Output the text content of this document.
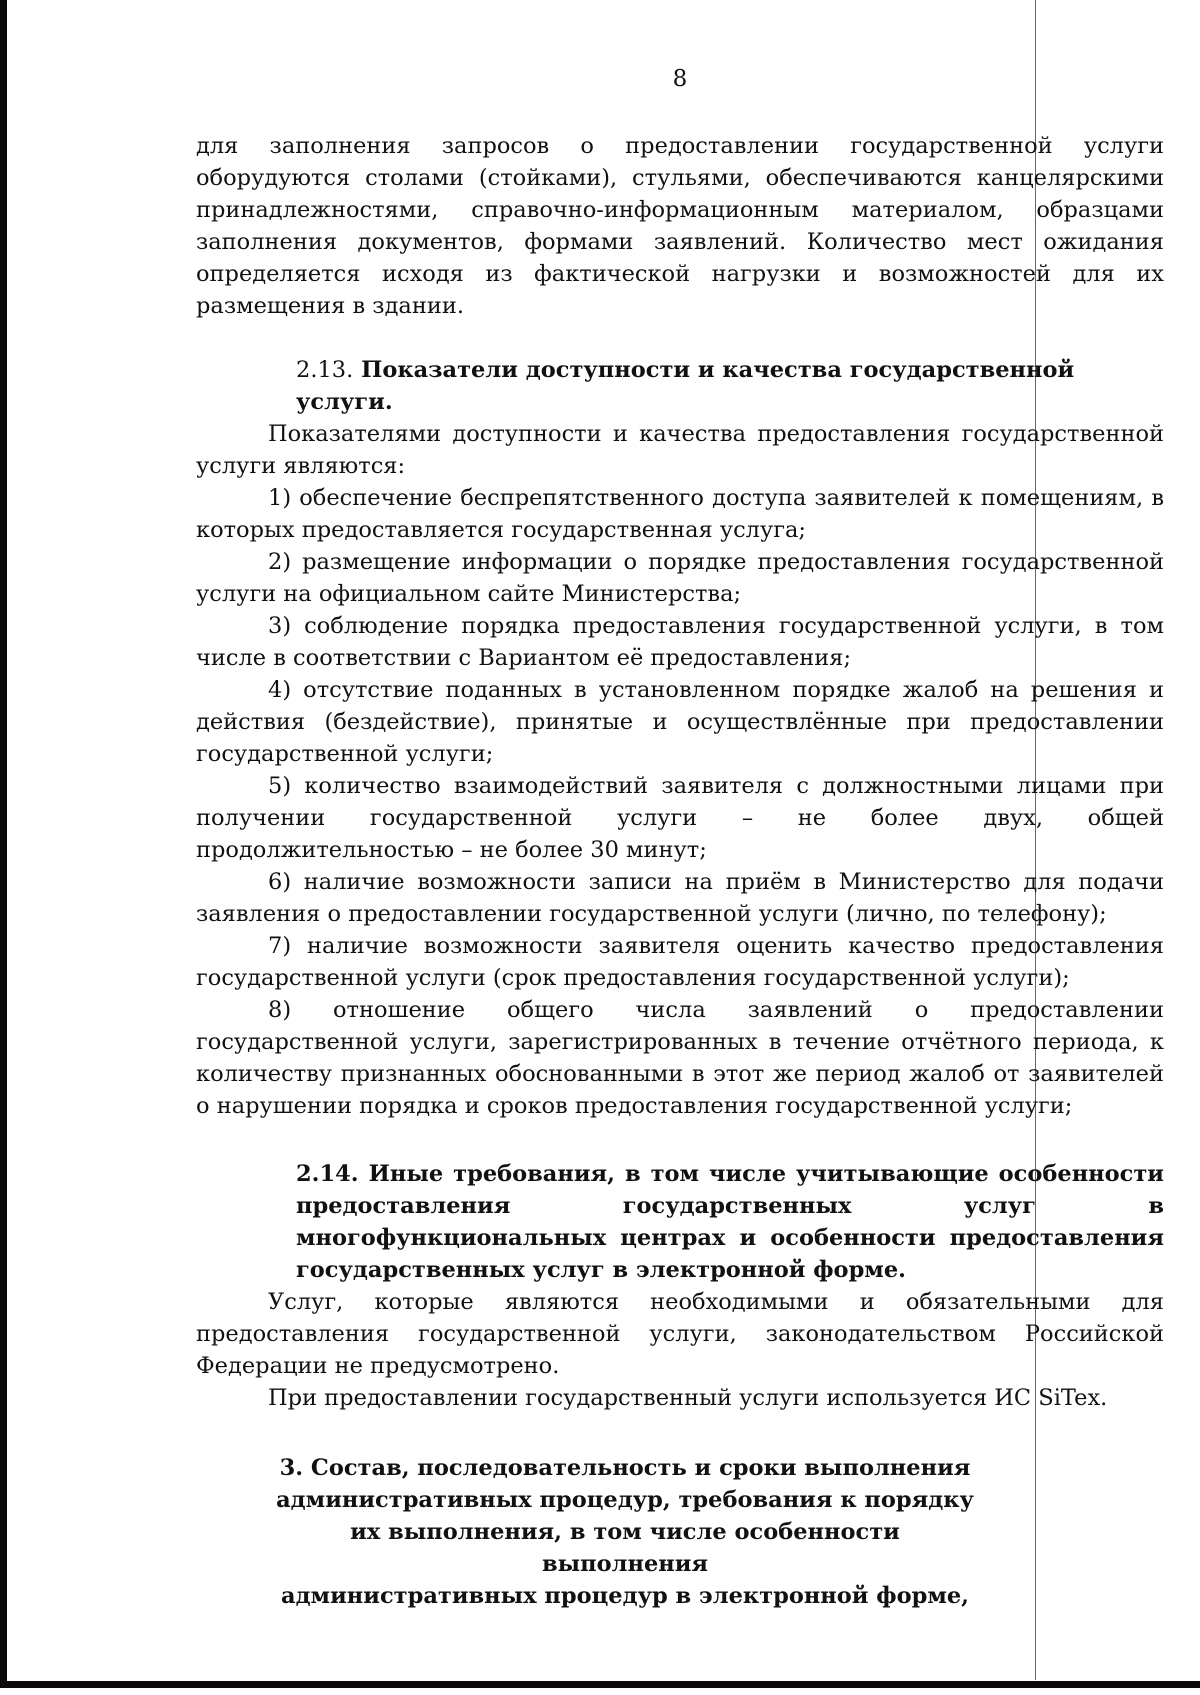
8

для заполнения запросов о предоставлении государственной услуги оборудуются столами (стойками), стульями, обеспечиваются канцелярскими принадлежностями, справочно-информационным материалом, образцами заполнения документов, формами заявлений. Количество мест ожидания определяется исходя из фактической нагрузки и возможностей для их размещения в здании.

2.13. Показатели доступности и качества государственной услуги.

Показателями доступности и качества предоставления государственной услуги являются:

1) обеспечение беспрепятственного доступа заявителей к помещениям, в которых предоставляется государственная услуга;

2) размещение информации о порядке предоставления государственной услуги на официальном сайте Министерства;

3) соблюдение порядка предоставления государственной услуги, в том числе в соответствии с Вариантом её предоставления;

4) отсутствие поданных в установленном порядке жалоб на решения и действия (бездействие), принятые и осуществлённые при предоставлении государственной услуги;

5) количество взаимодействий заявителя с должностными лицами при получении государственной услуги – не более двух, общей продолжительностью – не более 30 минут;

6) наличие возможности записи на приём в Министерство для подачи заявления о предоставлении государственной услуги (лично, по телефону);

7) наличие возможности заявителя оценить качество предоставления государственной услуги (срок предоставления государственной услуги);

8) отношение общего числа заявлений о предоставлении государственной услуги, зарегистрированных в течение отчётного периода, к количеству признанных обоснованными в этот же период жалоб от заявителей о нарушении порядка и сроков предоставления государственной услуги;

2.14. Иные требования, в том числе учитывающие особенности предоставления государственных услуг в многофункциональных центрах и особенности предоставления государственных услуг в электронной форме.

Услуг, которые являются необходимыми и обязательными для предоставления государственной услуги, законодательством Российской Федерации не предусмотрено.

При предоставлении государственный услуги используется ИС SiTex.

3. Состав, последовательность и сроки выполнения
административных процедур, требования к порядку
их выполнения, в том числе особенности выполнения
административных процедур в электронной форме,
